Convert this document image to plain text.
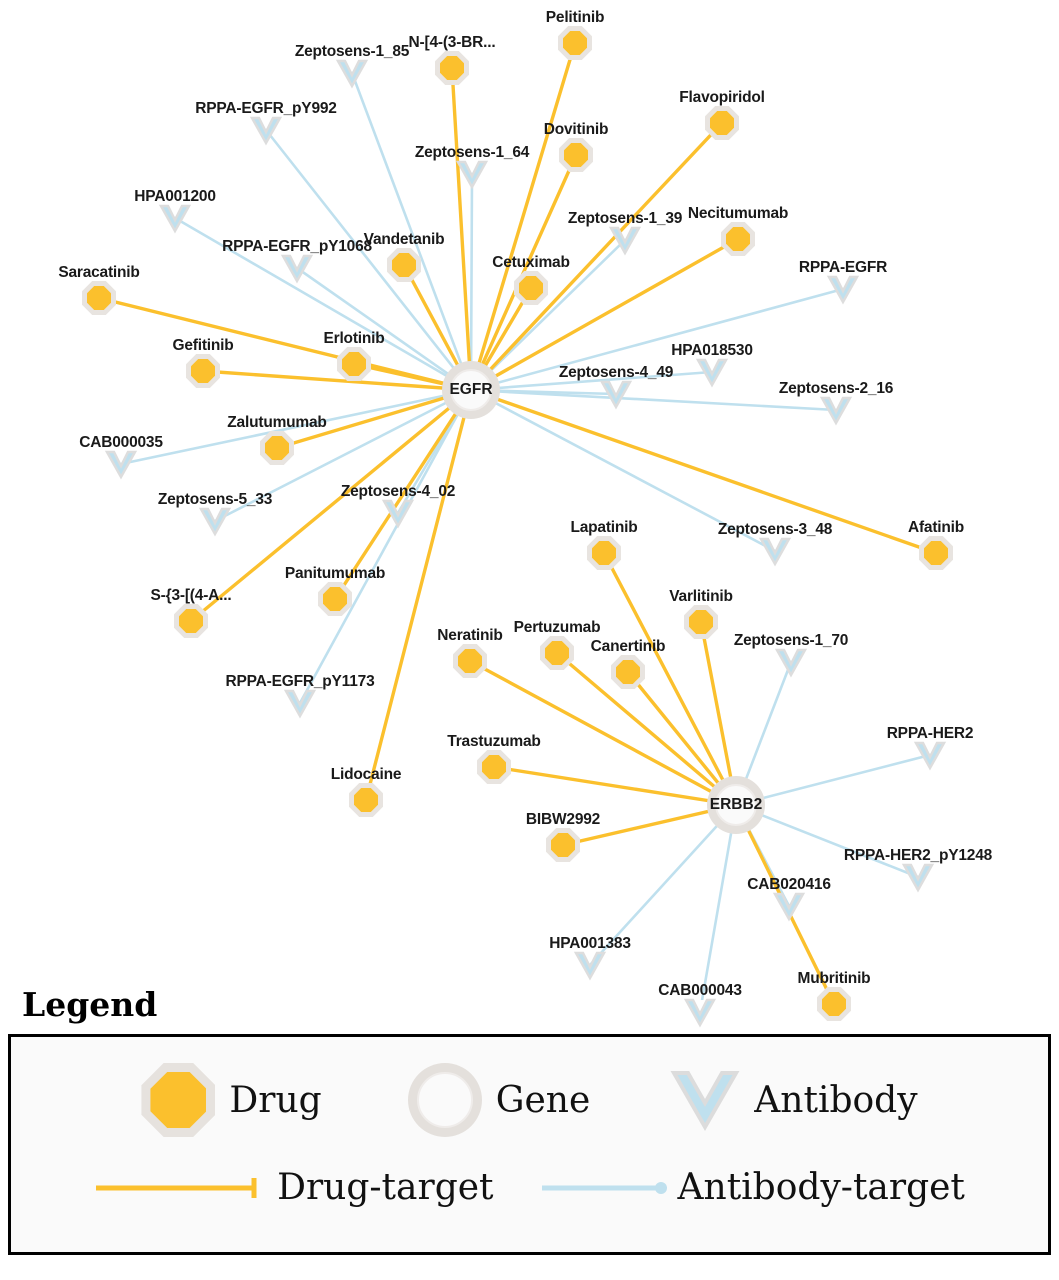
Pelitinib
N-[4-(3-BR...
Flavopiridol
Dovitinib
Necitumumab
Vandetanib
Cetuximab
Saracatinib
Gefitinib	Erlotinib
Zalutumumab
Afatinib
Lapatinib
Varlitinib
Panitumumab
S-{3-[(4-A...
Neratinib
Canertinib
Pertuzumab
Trastuzumab
Lidocaine
BIBW2992
Mubritinib
Zeptosens-1_85
RPPA-EGFR_pY992
Zeptosens-1_64
HPA001200
Zeptosens-1_39
RPPA-EGFR_pY1068
RPPA-EGFR
HPA018530
Zeptosens-4_49
Zeptosens-2_16
CAB000035
Zeptosens-5_33	Zeptosens-4_02
Zeptosens-3_48
Zeptosens-1_70
RPPA-EGFR_pY1173
RPPA-HER2
RPPA-HER2_pY1248
CAB020416
HPA001383
CAB000043
EGFR
ERBB2
Legend
Drug	Gene	Antibody
Drug-target	Antibody-target
